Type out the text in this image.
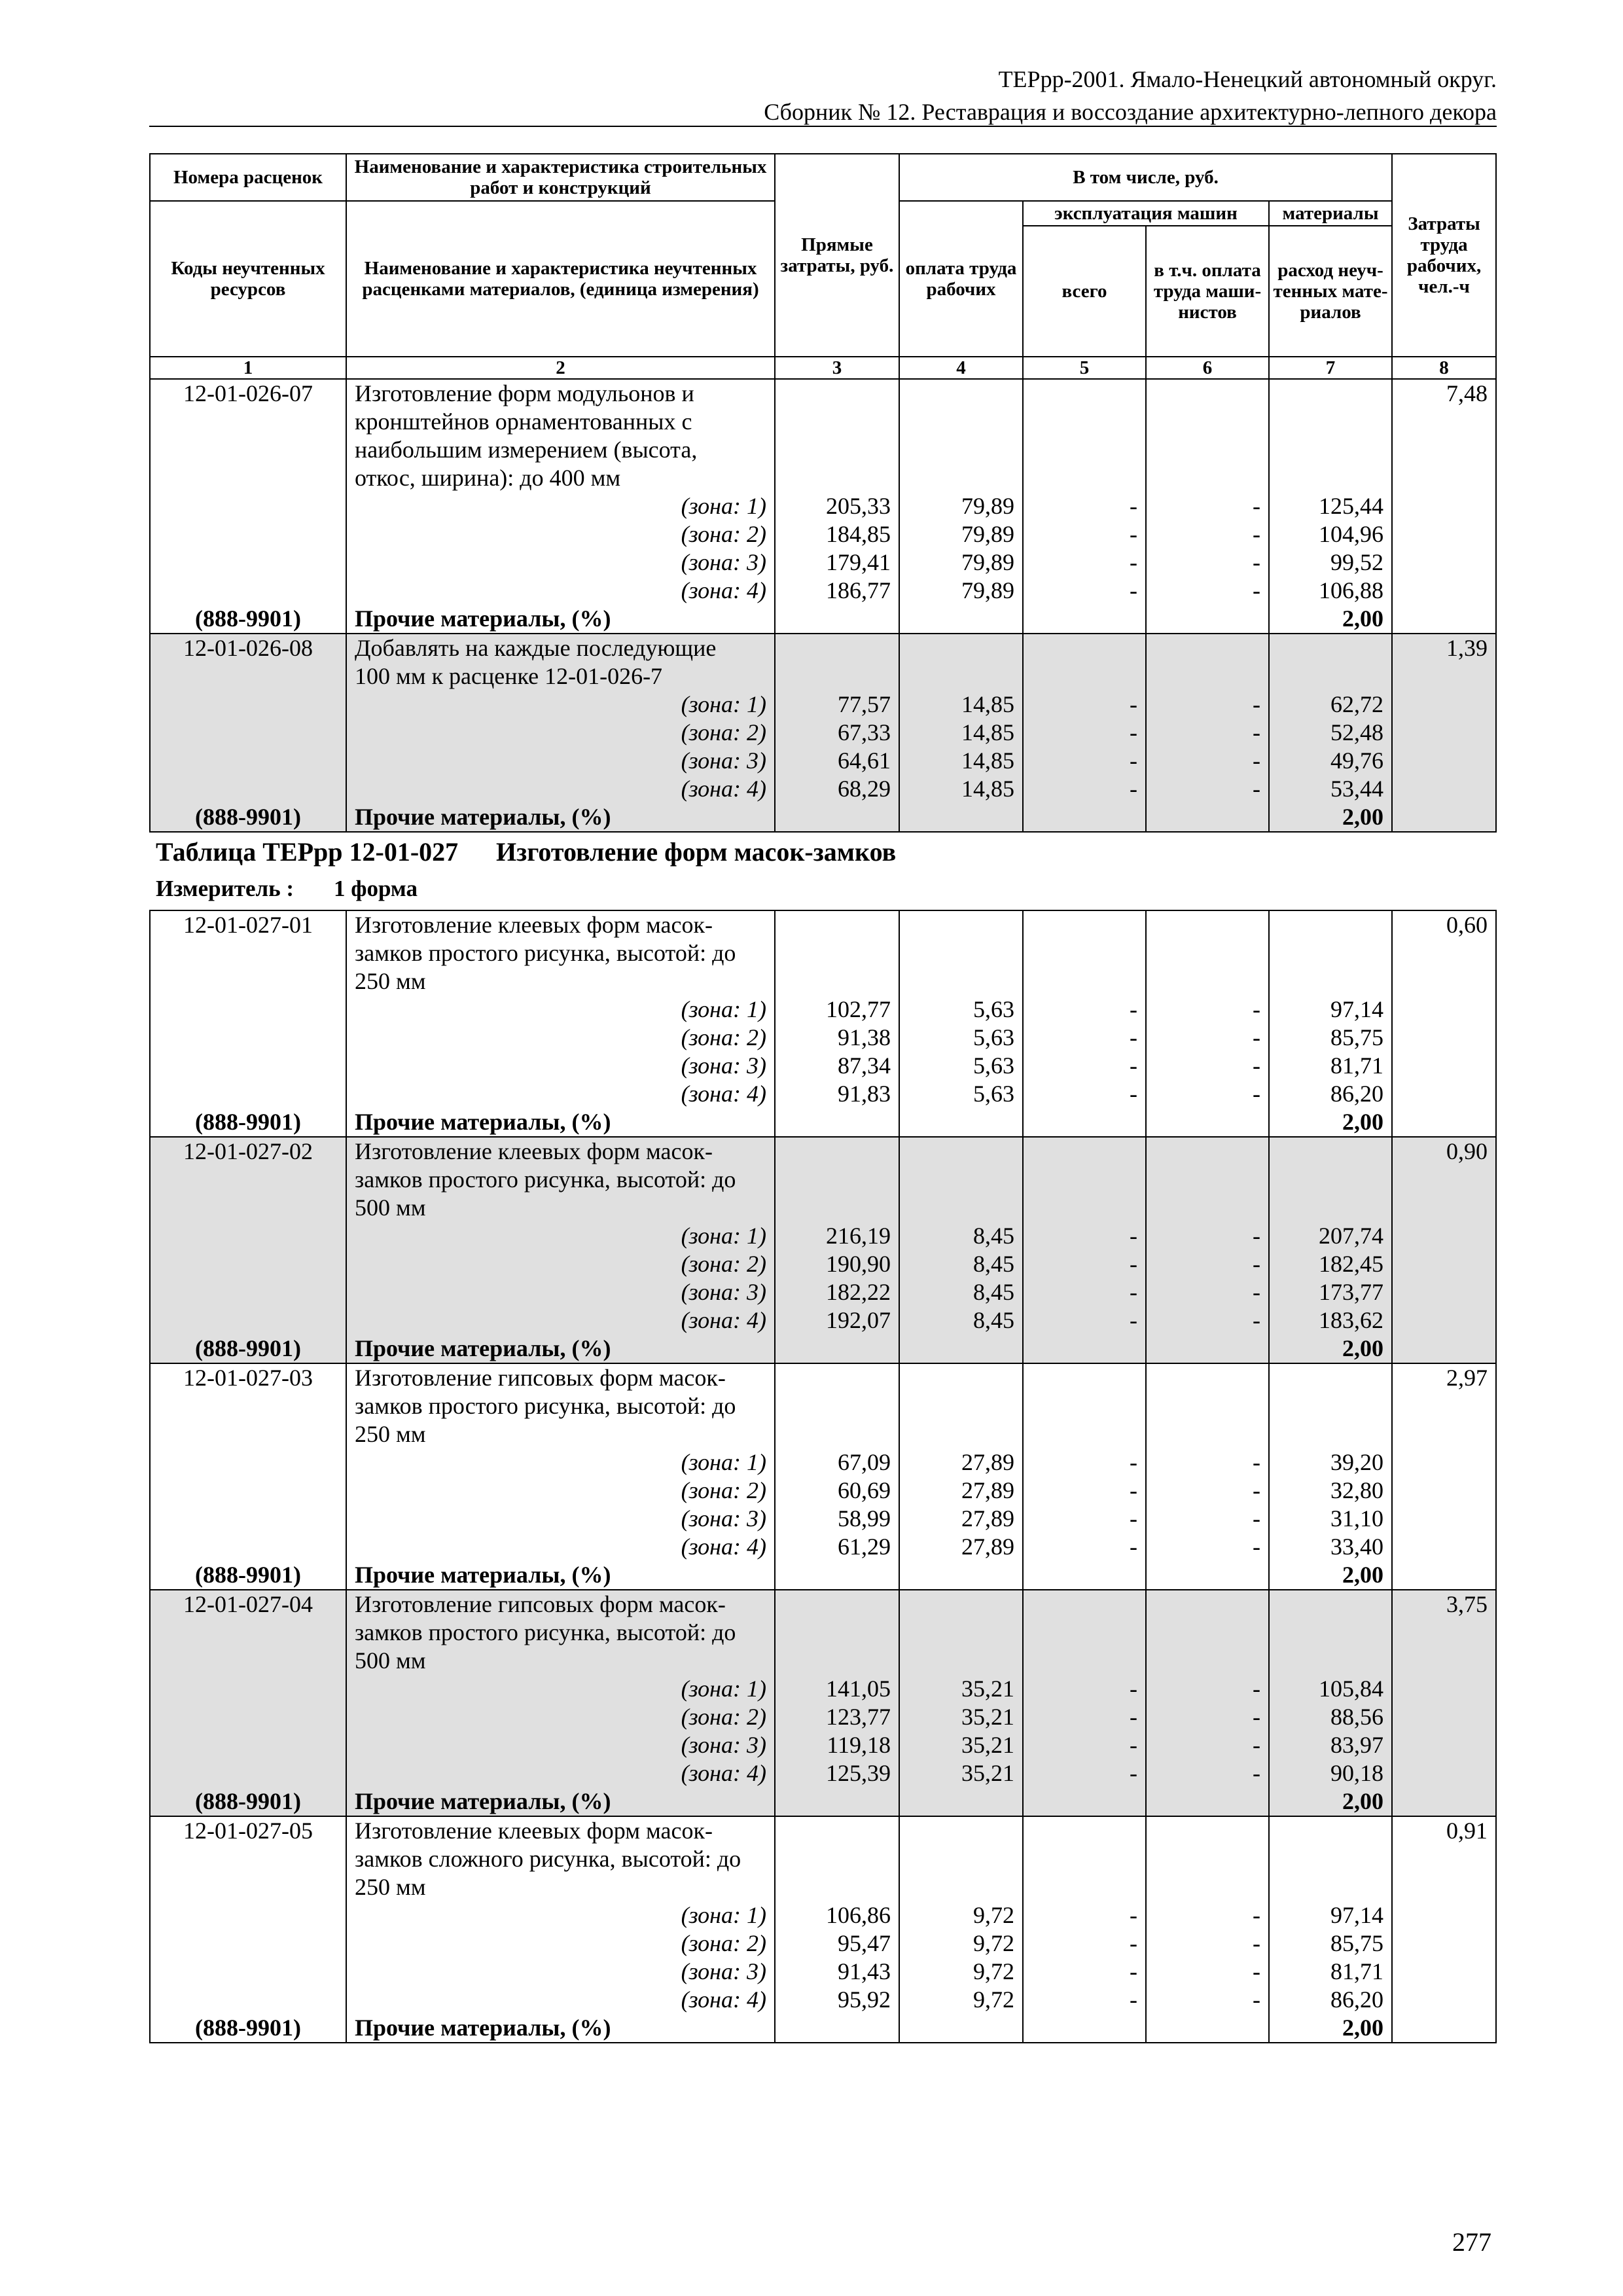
ТЕРрр-2001. Ямало-Ненецкий автономный округ.
Сборник № 12. Реставрация и воссоздание архитектурно-лепного декора
Номера расценок	Наименование и характеристика строительных работ и конструкций	Прямые затраты, руб.	В том числе, руб.				Затраты труда рабочих, чел.-ч
Коды неучтенных ресурсов	Наименование и характеристика неучтенных расценками материалов, (единица измерения)		оплата труда рабочих	эксплуатация машин		материалы	
				всего	в т.ч. оплата труда маши-нистов	расход неуч-тенных мате-риалов	
1	2	3	4	5	6	7	8
12-01-026-07	Изготовление форм модульонов и						7,48
	кронштейнов орнаментованных с						
	наибольшим измерением (высота,						
	откос, ширина): до 400 мм						
	(зона: 1)	205,33	79,89	-	-	125,44	
	(зона: 2)	184,85	79,89	-	-	104,96	
	(зона: 3)	179,41	79,89	-	-	99,52	
	(зона: 4)	186,77	79,89	-	-	106,88	
(888-9901)	Прочие материалы, (%)					2,00	
12-01-026-08	Добавлять на каждые последующие						1,39
	100 мм к расценке 12-01-026-7						
	(зона: 1)	77,57	14,85	-	-	62,72	
	(зона: 2)	67,33	14,85	-	-	52,48	
	(зона: 3)	64,61	14,85	-	-	49,76	
	(зона: 4)	68,29	14,85	-	-	53,44	
(888-9901)	Прочие материалы, (%)					2,00	
Таблица ТЕРрр 12-01-027 Изготовление форм масок-замков
Измеритель : 1 форма
12-01-027-01	Изготовление клеевых форм масок-						0,60
	замков простого рисунка, высотой: до						
	250 мм						
	(зона: 1)	102,77	5,63	-	-	97,14	
	(зона: 2)	91,38	5,63	-	-	85,75	
	(зона: 3)	87,34	5,63	-	-	81,71	
	(зона: 4)	91,83	5,63	-	-	86,20	
(888-9901)	Прочие материалы, (%)					2,00	
12-01-027-02	Изготовление клеевых форм масок-						0,90
	замков простого рисунка, высотой: до						
	500 мм						
	(зона: 1)	216,19	8,45	-	-	207,74	
	(зона: 2)	190,90	8,45	-	-	182,45	
	(зона: 3)	182,22	8,45	-	-	173,77	
	(зона: 4)	192,07	8,45	-	-	183,62	
(888-9901)	Прочие материалы, (%)					2,00	
12-01-027-03	Изготовление гипсовых форм масок-						2,97
	замков простого рисунка, высотой: до						
	250 мм						
	(зона: 1)	67,09	27,89	-	-	39,20	
	(зона: 2)	60,69	27,89	-	-	32,80	
	(зона: 3)	58,99	27,89	-	-	31,10	
	(зона: 4)	61,29	27,89	-	-	33,40	
(888-9901)	Прочие материалы, (%)					2,00	
12-01-027-04	Изготовление гипсовых форм масок-						3,75
	замков простого рисунка, высотой: до						
	500 мм						
	(зона: 1)	141,05	35,21	-	-	105,84	
	(зона: 2)	123,77	35,21	-	-	88,56	
	(зона: 3)	119,18	35,21	-	-	83,97	
	(зона: 4)	125,39	35,21	-	-	90,18	
(888-9901)	Прочие материалы, (%)					2,00	
12-01-027-05	Изготовление клеевых форм масок-						0,91
	замков сложного рисунка, высотой: до						
	250 мм						
	(зона: 1)	106,86	9,72	-	-	97,14	
	(зона: 2)	95,47	9,72	-	-	85,75	
	(зона: 3)	91,43	9,72	-	-	81,71	
	(зона: 4)	95,92	9,72	-	-	86,20	
(888-9901)	Прочие материалы, (%)					2,00	
277
